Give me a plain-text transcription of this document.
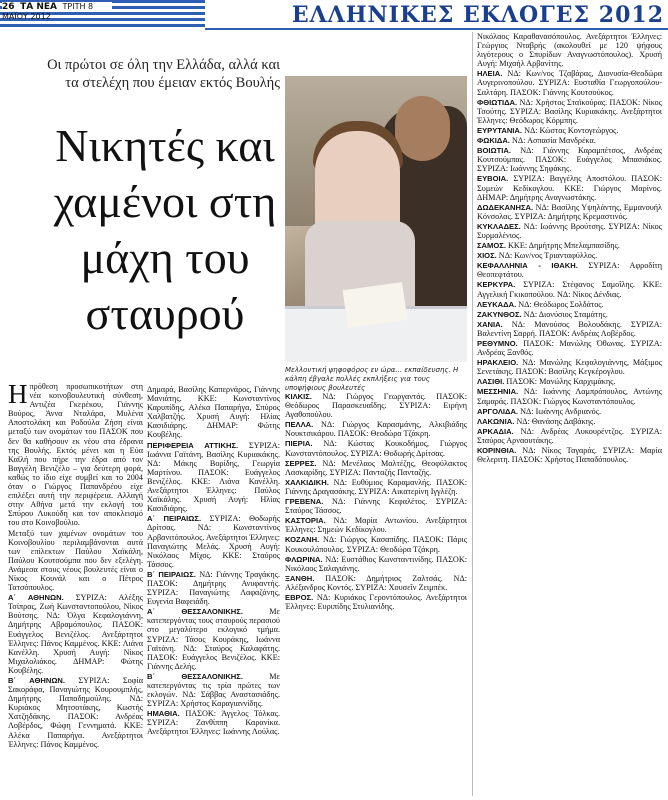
26 ΤΑ ΝΕΑ ΤΡΙΤΗ 8 ΜΑΪΟΥ 2012	ΕΛΛΗΝΙΚΕΣ ΕΚΛΟΓΕΣ 2012
Οι πρώτοι σε όλη την Ελλάδα, αλλά και τα στελέχη που έμειαν εκτός Βουλής
Νικητές και χαμένοι στη μάχη του σταυρού
Μελλοντική ψηφοφόρος εν ώρα... εκπαίδευσης. Η κάλπη έβγαλε πολλές εκπλήξεις για τους υποψήφιους βουλευτές

Ηπρόθεση προσωπικοτήτων στη νέα κοινοβουλευτική σύνθεση, Αντιζέα Γκερέκου, Γιάννης Βούρος, Άννα Νταλάρα, Μυλένα Αποστολάκη και Ροδούλα Ζήση είναι μεταξύ των ονομάτων του ΠΑΣΟΚ που δεν θα καθήσουν εκ νέου στα έδρανα της Βουλής. Εκτός μένει και η Εύα Καϊλή που πήρε την έδρα από τον Βαγγέλη Βενιζέλο – για δεύτερη φορά, καθώς το ίδιο είχε συμβεί και το 2004 όταν ο Γιώργος Παπανδρέου είχε επιλέξει αυτή την περιφέρεια. Αλλαγή στην Αθήνα μετά την εκλογή του Σπύρου Λυκούδη και τον αποκλεισμό του στο Κοινοβούλιο.

Μεταξύ των χαμένων ονομάτων του Κοινοβουλίου περιλαμβάνονται αυτά των επίλεκτων Παύλου Χαϊκάλη, Παύλου Κουτσούμπα που δεν εξελέγη. Ανάμεσα στους νέους βουλευτές είναι ο Νίκος Κουνάλ και ο Πέτρος Τατσόπουλος.

Α΄ ΑΘΗΝΩΝ. ΣΥΡΙΖΑ: Αλέξης Τσίπρας, Ζωή Κωνσταντοπούλου, Νίκος Βούτσης. ΝΔ: Όλγα Κεφαλογιάννη, Δημήτρης Αβραμόπουλος. ΠΑΣΟΚ: Ευάγγελος Βενιζέλος. Ανεξάρτητοι Έλληνες: Πάνος Καμμένος. ΚΚΕ: Λιάνα Κανέλλη. Χρυσή Αυγή: Νίκος Μιχαλολιάκος. ΔΗΜΑΡ: Φώτης Κουβέλης.

Β΄ ΑΘΗΝΩΝ. ΣΥΡΙΖΑ: Σοφία Σακοράφα, Παναγιώτης Κουρουμπλής, Δημήτρης Παπαδημούλης. ΝΔ: Κυριάκος Μητσοτάκης, Κωστής Χατζηδάκης. ΠΑΣΟΚ: Ανδρέας Λοβέρδος, Φώφη Γεννηματά. ΚΚΕ: Αλέκα Παπαρήγα. Ανεξάρτητοι Έλληνες: Πάνος Καμμένος.

Δημαρά, Βασίλης Καπερνάρος, Γιάννης Μανιάτης. ΚΚΕ: Κωνσταντίνος Καρυπίδης, Αλέκα Παπαρήγα, Σπύρος Χαλβατζής. Χρυσή Αυγή: Ηλίας Κασιδιάρης. ΔΗΜΑΡ: Φώτης Κουβέλης.

ΠΕΡΙΦΕΡΕΙΑ ΑΤΤΙΚΗΣ. ΣΥΡΙΖΑ: Ιωάννα Γαϊτάνη, Βασίλης Κυριακάκης. ΝΔ: Μάκης Βορίδης, Γεωργία Μαρτίνου. ΠΑΣΟΚ: Ευάγγελος Βενιζέλος. ΚΚΕ: Λιάνα Κανέλλη. Ανεξάρτητοι Έλληνες: Παύλος Χαϊκάλης. Χρυσή Αυγή: Ηλίας Κασιδιάρης.

Α΄ ΠΕΙΡΑΙΩΣ. ΣΥΡΙΖΑ: Θοδωρής Δρίτσας. ΝΔ: Κωνσταντίνος Αρβανιτόπουλος. Ανεξάρτητοι Έλληνες: Παναγιώτης Μελάς. Χρυσή Αυγή: Νικόλαος Μίχος. ΚΚΕ: Σταύρος Τάσσος.

Β΄ ΠΕΙΡΑΙΩΣ. ΝΔ: Γιάννης Τραγάκης. ΠΑΣΟΚ: Δημήτρης Ανυφαντής. ΣΥΡΙΖΑ: Παναγιώτης Λαφαζάνης, Ευγενία Βαφειάδη.

Α΄ ΘΕΣΣΑΛΟΝΙΚΗΣ.	Με κατεπεργόντας τους σταυρούς περασιού στο μεγαλύτερο εκλογικό τμήμα. ΣΥΡΙΖΑ: Τάσος Κουράκης, Ιωάννα Γαϊτάνη. ΝΔ: Σταύρος Καλαφάτης. ΠΑΣΟΚ: Ευάγγελος Βενιζέλος. ΚΚΕ: Γιάννης Δελής.

Β΄ ΘΕΣΣΑΛΟΝΙΚΗΣ.	Με κατεπεργόντας τις τρία πρώτες των εκλογών. ΝΔ: Σάββας Αναστασιάδης. ΣΥΡΙΖΑ: Χρήστος Καραγιαννίδης.

ΗΜΑΘΙΑ. ΠΑΣΟΚ: Άγγελος Τόλκας. ΣΥΡΙΖΑ: Ζανθίππη Καρανίκα. Ανεξάρτητοι Έλληνες: Ιωάννης Λούλας.

ΚΙΛΚΙΣ. ΝΔ: Γιώργος Γεωργαντάς. ΠΑΣΟΚ: Θεόδωρος Παρασκευαΐδης. ΣΥΡΙΖΑ: Ειρήνη Αγαθοπούλου.

ΠΕΛΛΑ. ΝΔ: Γιώργος Καρασμάνης, Αλκιβιάδης Νουκτσικάρου. ΠΑΣΟΚ: Θεοδώρα Τζάκρη.

ΠΙΕΡΙΑ. ΝΔ: Κώστας Κουκοδήμος, Γιώργος Κωνσταντόπουλος. ΣΥΡΙΖΑ: Θοδωρής Δρίτσας.

ΣΕΡΡΕΣ. ΝΔ: Μενέλαος Μαλτέζης, Θεοφύλακτος Λασκαρίδης. ΣΥΡΙΖΑ: Πανταζής Πανταζής.

ΧΑΛΚΙΔΙΚΗ. ΝΔ: Ευθύμιος Καραμανλής. ΠΑΣΟΚ: Γιάννης Δραγασάκης. ΣΥΡΙΖΑ: Αικατερίνη Ιγγλέζη.

ΓΡΕΒΕΝΑ. ΝΔ: Γιάννης Κεφαλέτος. ΣΥΡΙΖΑ: Σταύρος Τάσσος.

ΚΑΣΤΟΡΙΑ. ΝΔ: Μαρία Αντωνίου. Ανεξάρτητοι Έλληνες: Σημεών Κεδίκογλου.

ΚΟΖΑΝΗ. ΝΔ: Γιώργος Κασαπίδης. ΠΑΣΟΚ: Πάρις Κουκουλόπουλος. ΣΥΡΙΖΑ: Θεοδώρα Τζάκρη.

ΦΛΩΡΙΝΑ. ΝΔ: Ευστάθιος Κωνσταντινίδης. ΠΑΣΟΚ: Νικόλαος Σαλαγιάνης.

ΞΑΝΘΗ. ΠΑΣΟΚ: Δημήτριος Ζαλτσάς. ΝΔ: Αλέξανδρος Κοντός. ΣΥΡΙΖΑ: Χουσεΐν Ζειμπέκ.

ΕΒΡΟΣ. ΝΔ: Κυριάκος Γεροντόπουλος. Ανεξάρτητοι Έλληνες: Ευριπίδης Στυλιανίδης.

Νικόλαος Καραθανασόπουλος. Ανεξάρτητοι Έλληνες: Γεώργιος Νταβρής (ακολουθεί με 120 ψήφους λιγότερους ο Σπυρίδων Αναγνωστόπουλος). Χρυσή Αυγή: Μιχαήλ Αρβανίτης.

ΗΛΕΙΑ. ΝΔ: Κων/νος Τζαβάρας, Διονυσία-Θεοδώρα Αυγερινοπούλου. ΣΥΡΙΖΑ: Ευσταθία Γεωργοπούλου-Σαλτάρη. ΠΑΣΟΚ: Γιάννης Κουτσούκος.

ΦΘΙΩΤΙΔΑ. ΝΔ: Χρήστος Σταϊκούρας. ΠΑΣΟΚ: Νίκος Τσούτης. ΣΥΡΙΖΑ: Βασίλης Κυριακάκης. Ανεξάρτητοι Έλληνες: Θεόδωρος Κόρμπης.

ΕΥΡΥΤΑΝΙΑ. ΝΔ: Κώστας Κοντογεώργος.

ΦΩΚΙΔΑ. ΝΔ: Ασπασία Μανδρέκα.

ΒΟΙΩΤΙΑ. ΝΔ: Γιάννης Καραμπέτσος, Ανδρέας Κουτσούμπας. ΠΑΣΟΚ: Ευάγγελος Μπασιάκος. ΣΥΡΙΖΑ: Ιωάννης Σηφάκης.

ΕΥΒΟΙΑ. ΣΥΡΙΖΑ: Βαγγέλης Αποστόλου. ΠΑΣΟΚ: Συμεών Κεδίκογλου. ΚΚΕ: Γιώργος Μαρίνος. ΔΗΜΑΡ: Δημήτρης Αναγνωστάκης.

ΔΩΔΕΚΑΝΗΣΑ. ΝΔ: Βασίλης Υψηλάντης, Εμμανουήλ Κόνσολας. ΣΥΡΙΖΑ: Δημήτρης Κρεμαστινός.

ΚΥΚΛΑΔΕΣ. ΝΔ: Ιωάννης Βρούτσης. ΣΥΡΙΖΑ: Νίκος Συρμαλένιος.

ΣΑΜΟΣ. ΚΚΕ: Δημήτρης Μπελαμπασίδης.

ΧΙΟΣ. ΝΔ: Κων/νος Τριανταφύλλος.

ΚΕΦΑΛΛΗΝΙΑ - ΙΘΑΚΗ. ΣΥΡΙΖΑ: Αφροδίτη Θεοπεφτάτου.

ΚΕΡΚΥΡΑ. ΣΥΡΙΖΑ: Στέφανος Σαμοΐλης. ΚΚΕ: Αγγελική Γκικοπούλου. ΝΔ: Νίκος Δένδιας.

ΛΕΥΚΑΔΑ. ΝΔ: Θεόδωρος Σολδάτος.

ΖΑΚΥΝΘΟΣ. ΝΔ: Διονύσιος Σταμάτης.

ΧΑΝΙΑ. ΝΔ: Μανούσος Βολουδάκης. ΣΥΡΙΖΑ: Βαλεντίνη Σαρρή. ΠΑΣΟΚ: Ανδρέας Λοβέρδος.

ΡΕΘΥΜΝΟ. ΠΑΣΟΚ: Μανώλης Όθωνας. ΣΥΡΙΖΑ: Ανδρέας Ξανθός.

ΗΡΑΚΛΕΙΟ. ΝΔ: Μανώλης Κεφαλογιάννης, Μάξιμος Σενετάκης. ΠΑΣΟΚ: Βασίλης Κεγκέρογλου.

ΛΑΣΙΘΙ. ΠΑΣΟΚ: Μανώλης Καρχιμάκης.

ΜΕΣΣΗΝΙΑ. ΝΔ: Ιωάννης Λαμπρόπουλος, Αντώνης Σαμαράς. ΠΑΣΟΚ: Γιώργος Κωνσταντόπουλος.

ΑΡΓΟΛΙΔΑ. ΝΔ: Ιωάννης Ανδριανός.

ΛΑΚΩΝΙΑ. ΝΔ: Θανάσης Δαβάκης.

ΑΡΚΑΔΙΑ. ΝΔ: Ανδρέας Λυκουρέντζος. ΣΥΡΙΖΑ: Σταύρος Αρναουτάκης.

ΚΟΡΙΝΘΙΑ. ΝΔ: Νίκος Ταγαράς. ΣΥΡΙΖΑ: Μαρία Θελεριτη. ΠΑΣΟΚ: Χρήστος Παπαδόπουλος.
